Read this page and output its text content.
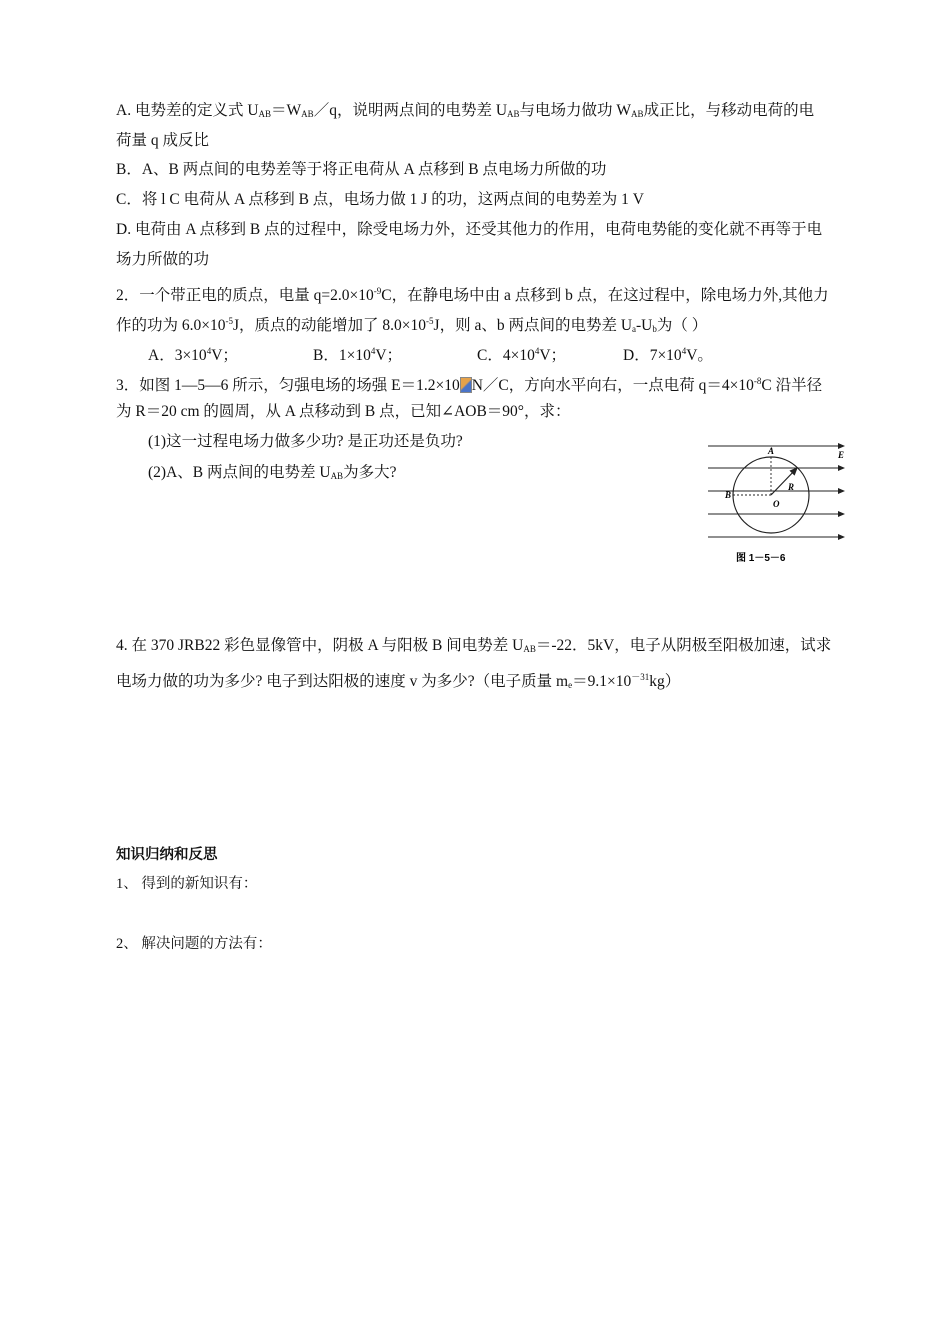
A. 电势差的定义式 $U_{AB}=W_{AB}/q$，说明两点间的电势差 $U_{AB}$与电场力做功 $W_{AB}$成正比，与移动电荷的电
荷量 q 成反比
B．A、B 两点间的电势差等于将正电荷从 A 点移到 B 点电场力所做的功
C．将 l C 电荷从 A 点移到 B 点，电场力做 1 J 的功，这两点间的电势差为 1 V
D. 电荷由 A 点移到 B 点的过程中，除受电场力外，还受其他力的作用，电荷电势能的变化就不再等于电
场力所做的功
2．一个带正电的质点，电量 $q=2.0\times 10^{-9}C$，在静电场中由 a 点移到 b 点，在这过程中，除电场力外,其他力
作的功为 $6.0\times 10^{-5}J$，质点的动能增加了 $8.0\times 10^{-5}J$，则 a、b 两点间的电势差 $U_a-U_b$为（ ）
A．$3\times 10^4V$；	B．$1\times 10^4V$；	C．$4\times 10^4V$；	D．$7\times 10^4V$。
3．如图 1—5—6 所示，匀强电场的场强 E＝1.2×10 N／C，方向水平向右，一点电荷 $q=4\times 10^{-8}C$ 沿半径
为 R＝20 cm 的圆周，从 A 点移动到 B 点，已知∠AOB＝90°，求：
(1)这一过程电场力做多少功? 是正功还是负功?
(2)A、B 两点间的电势差 $U_{AB}$为多大?
A
B
O
R
E
图 1－5－6
4. 在 370 JRB22 彩色显像管中，阴极 A 与阳极 B 间电势差 $U_{AB}=-22$．5kV，电子从阴极至阳极加速，试求
电场力做的功为多少? 电子到达阳极的速度 v 为多少?（电子质量 $m_e=9.1\times 10^{-31}kg$）
知识归纳和反思
1、 得到的新知识有：
2、 解决问题的方法有：
